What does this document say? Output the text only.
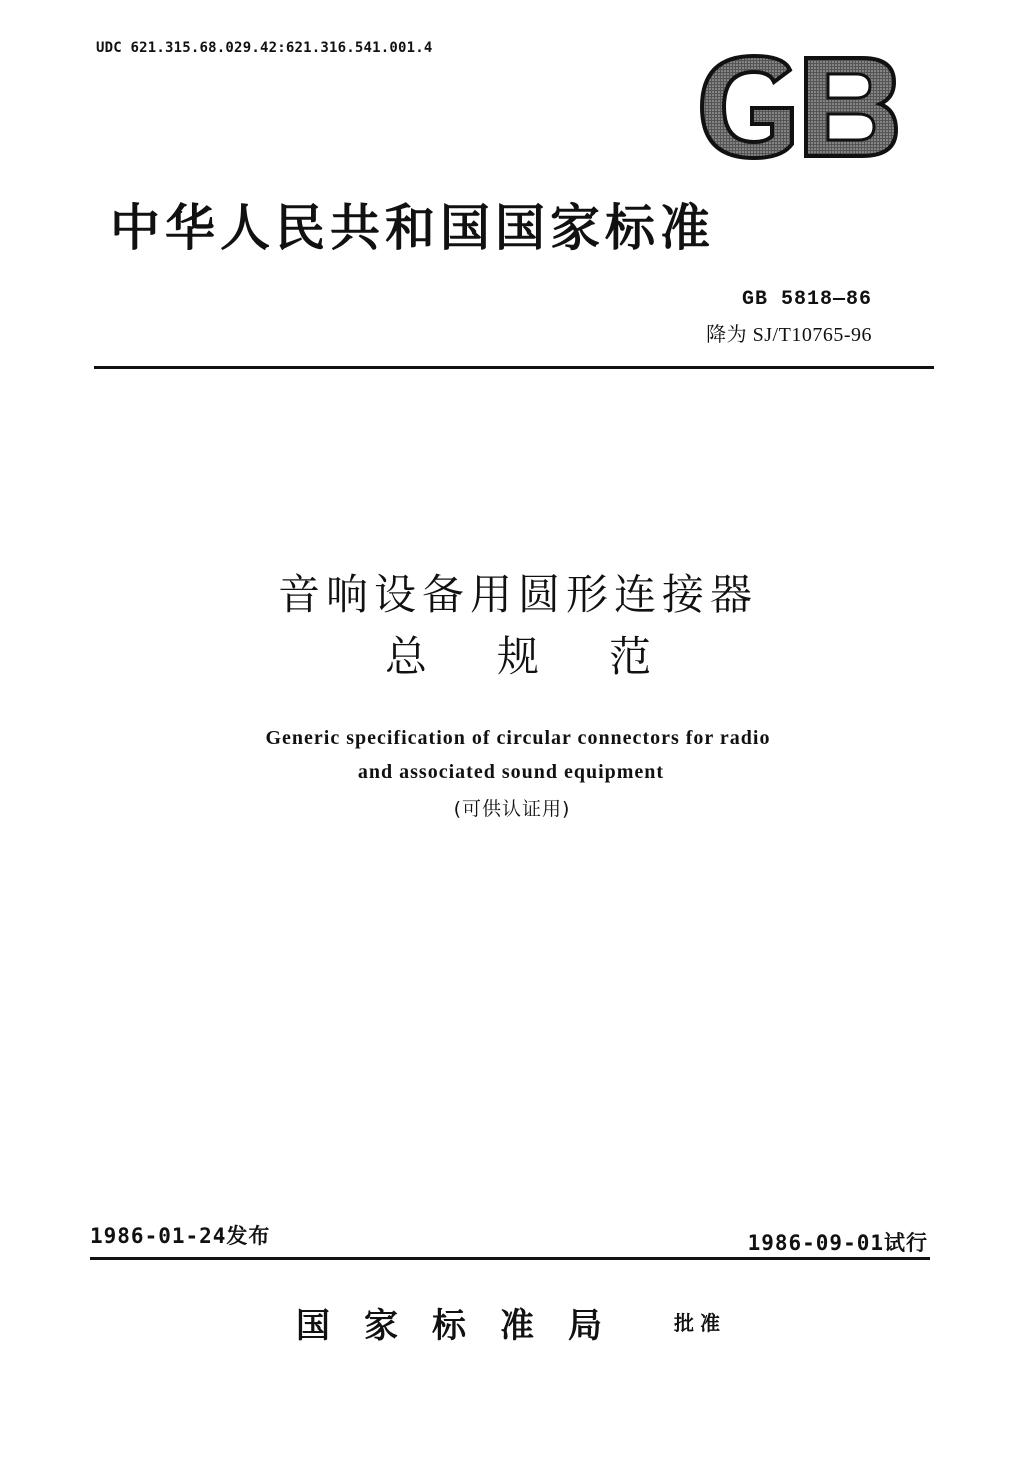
UDC 621.315.68.029.42:621.316.541.001.4
中华人民共和国国家标准
GB 5818—86
降为 SJ/T10765-96
音响设备用圆形连接器
总规范
Generic specification of circular connectors for radio
and associated sound equipment
(可供认证用)
1986-01-24发布	1986-09-01试行
国家标准局 批准
